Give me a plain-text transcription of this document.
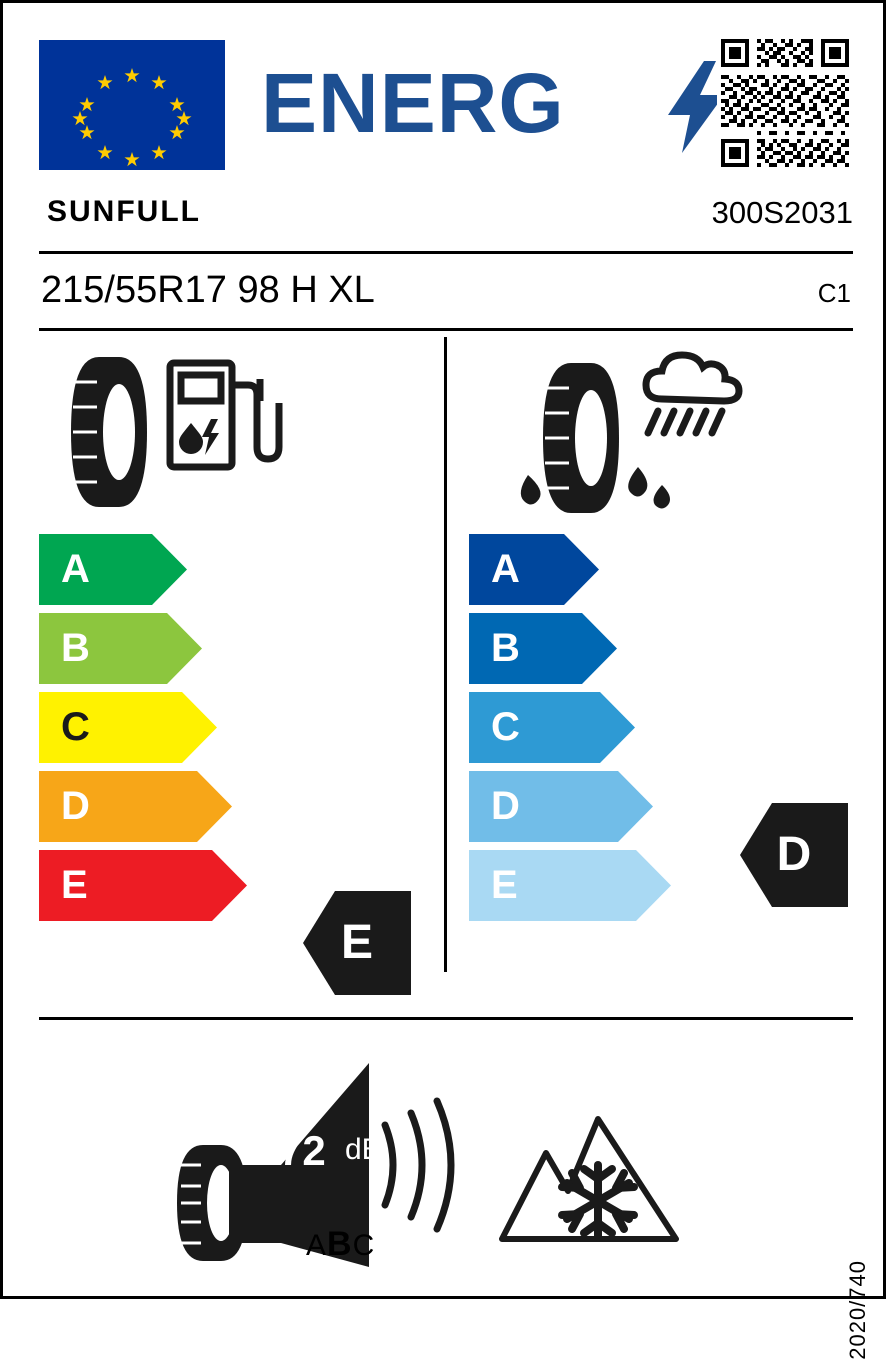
ENERG
SUNFULL	300S2031
215/55R17 98 H XL	C1
A
B
C
D
E
E
A
B
C
D
E
D
72 dB
ABC
2020/740
